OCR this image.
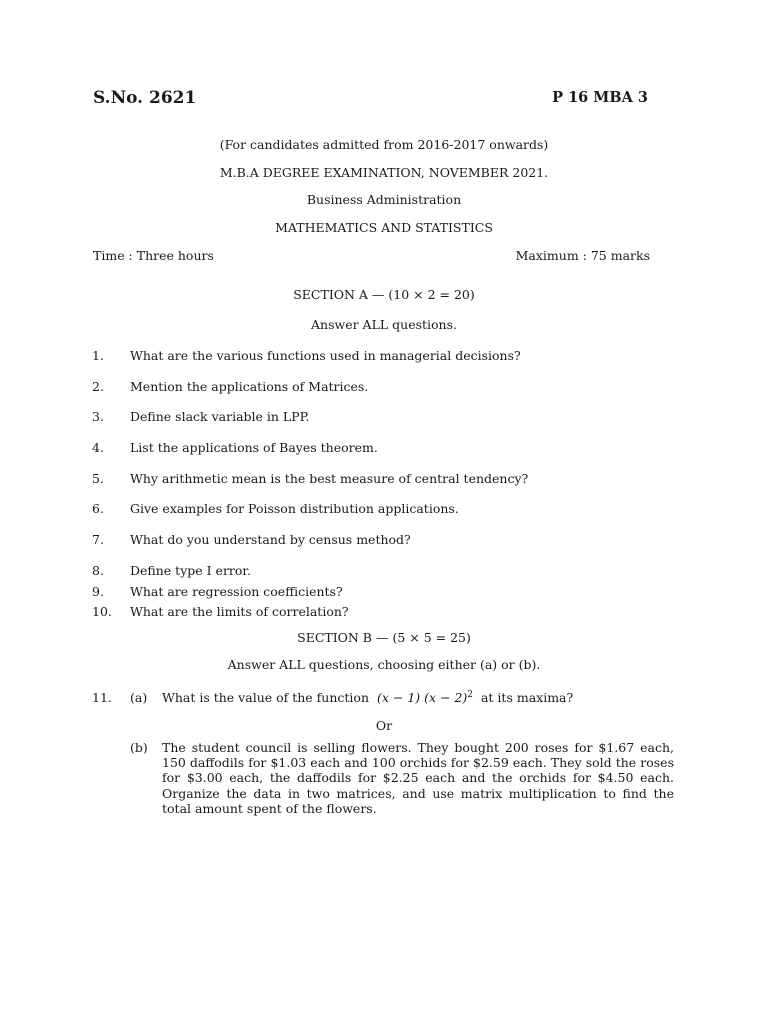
S.No. 2621	P 16 MBA 3
(For candidates admitted from 2016-2017 onwards)
M.B.A DEGREE EXAMINATION, NOVEMBER 2021.
Business Administration
MATHEMATICS AND STATISTICS
Time : Three hours	Maximum : 75 marks
SECTION A — (10 × 2 = 20)
Answer ALL questions.
1.	What are the various functions used in managerial decisions?
2.	Mention the applications of Matrices.
3.	Define slack variable in LPP.
4.	List the applications of Bayes theorem.
5.	Why arithmetic mean is the best measure of central tendency?
6.	Give examples for Poisson distribution applications.
7.	What do you understand by census method?
8.	Define type I error.
9.	What are regression coefficients?
10.	What are the limits of correlation?
SECTION B — (5 × 5 = 25)
Answer ALL questions, choosing either (a) or (b).
11.	(a) What is the value of the function (x − 1) $(x - 2)^2$ at its maxima?
Or
(b) The student council is selling flowers. They bought 200 roses for $1.67 each, 150 daffodils for $1.03 each and 100 orchids for $2.59 each. They sold the roses for $3.00 each, the daffodils for $2.25 each and the orchids for $4.50 each. Organize the data in two matrices, and use matrix multiplication to find the total amount spent of the flowers.
